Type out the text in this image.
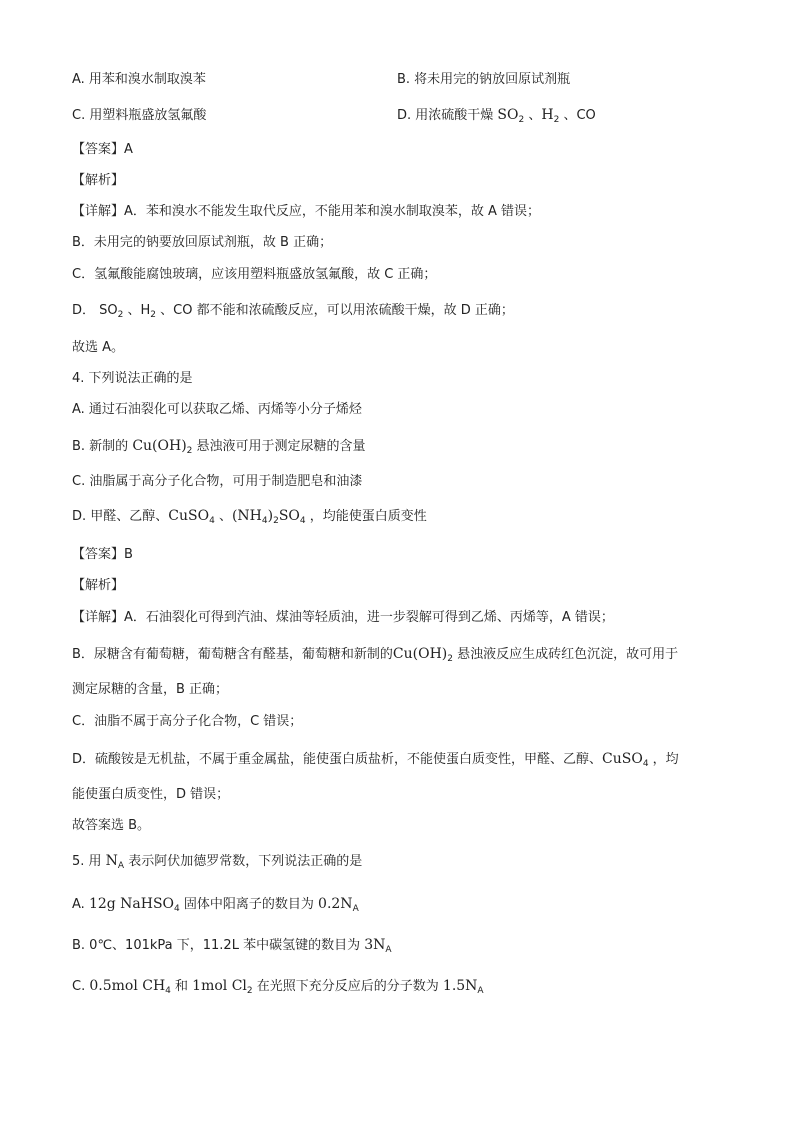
A. 用苯和溴水制取溴苯	B. 将未用完的钠放回原试剂瓶
C. 用塑料瓶盛放氢氟酸	D. 用浓硫酸干燥 $SO_2$ 、$H_2$ 、CO
【答案】A
【解析】
【详解】A．苯和溴水不能发生取代反应，不能用苯和溴水制取溴苯，故 A 错误；
B．未用完的钠要放回原试剂瓶，故 B 正确；
C．氢氟酸能腐蚀玻璃，应该用塑料瓶盛放氢氟酸，故 C 正确；
D． $SO_2$ 、$H_2$ 、CO 都不能和浓硫酸反应，可以用浓硫酸干燥，故 D 正确；
故选 A。
4. 下列说法正确的是
A. 通过石油裂化可以获取乙烯、丙烯等小分子烯烃
B. 新制的 $Cu(OH)_2$ 悬浊液可用于测定尿糖的含量
C. 油脂属于高分子化合物，可用于制造肥皂和油漆
D. 甲醛、乙醇、CuSO$_4$ 、$(NH_4)_2SO_4$ ，均能使蛋白质变性
【答案】B
【解析】
【详解】A．石油裂化可得到汽油、煤油等轻质油，进一步裂解可得到乙烯、丙烯等，A 错误；
B．尿糖含有葡萄糖，葡萄糖含有醛基，葡萄糖和新制的$Cu(OH)_2$ 悬浊液反应生成砖红色沉淀，故可用于
测定尿糖的含量，B 正确；
C．油脂不属于高分子化合物，C 错误；
D．硫酸铵是无机盐，不属于重金属盐，能使蛋白质盐析，不能使蛋白质变性，甲醛、乙醇、CuSO$_4$ ，均
能使蛋白质变性，D 错误；
故答案选 B。
5. 用 $N_A$ 表示阿伏加德罗常数，下列说法正确的是
A. 12g NaHSO$_4$ 固体中阳离子的数目为 $0.2N_A$
B. 0℃、101kPa 下，11.2L 苯中碳氢键的数目为 $3N_A$
C. 0.5mol $CH_4$ 和 1mol $Cl_2$ 在光照下充分反应后的分子数为 $1.5N_A$
